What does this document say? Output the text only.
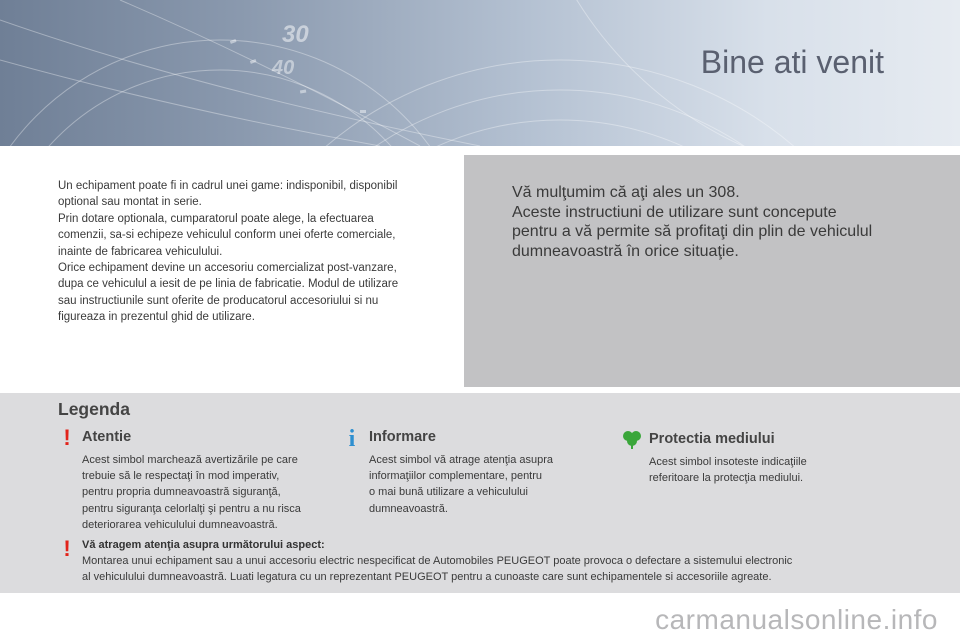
30
40	Bine ati venit

Un echipament poate fi in cadrul unei game: indisponibil, disponibil

optional sau montat in serie.

Prin dotare optionala, cumparatorul poate alege, la efectuarea

comenzii, sa-si echipeze vehiculul conform unei oferte comerciale,

inainte de fabricarea vehiculului.

Orice echipament devine un accesoriu comercializat post-vanzare,

dupa ce vehiculul a iesit de pe linia de fabricatie. Modul de utilizare

sau instructiunile sunt oferite de producatorul accesoriului si nu

figureaza in prezentul ghid de utilizare.

Vă mulţumim că aţi ales un 308.

Aceste instructiuni de utilizare sunt concepute

pentru a vă permite să profitaţi din plin de vehiculul

dumneavoastră în orice situaţie.

Legenda
! Atentie

Acest simbol marchează avertizările pe care

trebuie să le respectaţi în mod imperativ,

pentru propria dumneavoastră siguranţă,

pentru siguranţa celorlalţi şi pentru a nu risca

deteriorarea vehiculului dumneavoastră.

i Informare

Acest simbol vă atrage atenţia asupra

informaţiilor complementare, pentru

o mai bună utilizare a vehiculului

dumneavoastră.

Protectia mediului

Acest simbol insoteste indicaţiile

referitoare la protecţia mediului.

!	Vă atragem atenţia asupra următorului aspect:

Montarea unui echipament sau a unui accesoriu electric nespecificat de Automobiles PEUGEOT poate provoca o defectare a sistemului electronic

al vehiculului dumneavoastră. Luati legatura cu un reprezentant PEUGEOT pentru a cunoaste care sunt echipamentele si accesoriile agreate.

carmanualsonline.info
